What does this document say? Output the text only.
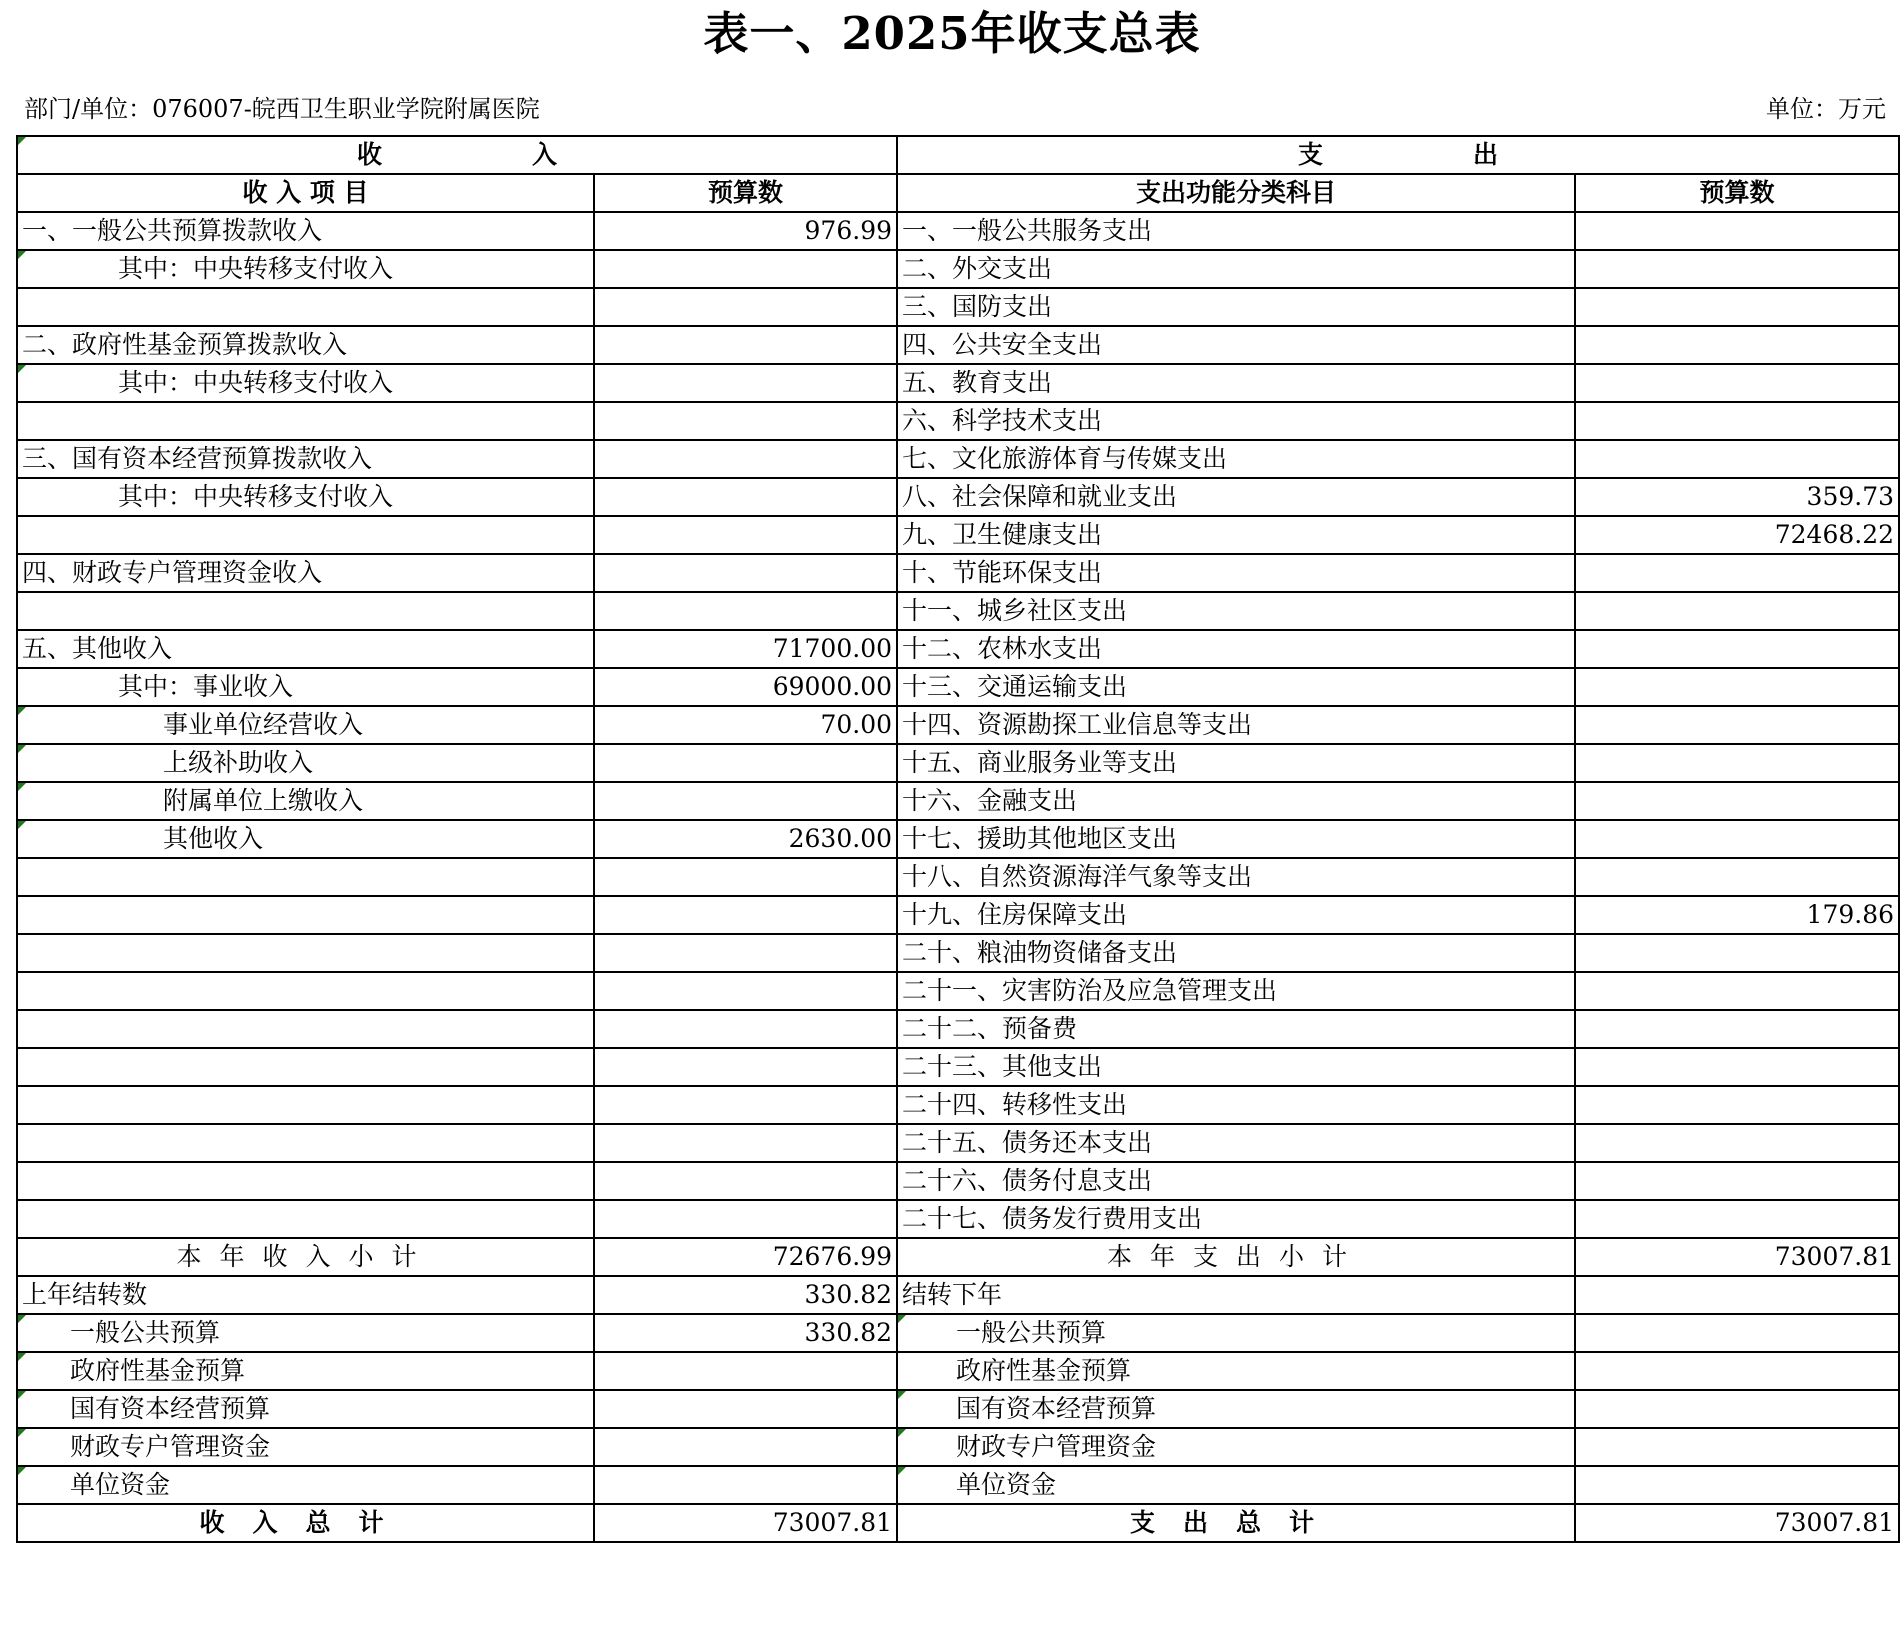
表一、2025年收支总表
部门/单位：076007-皖西卫生职业学院附属医院	单位：万元
收　　　　　　入		支　　　　　　出	
收 入 项 目	预算数	支出功能分类科目	预算数
一、一般公共预算拨款收入	976.99	一、一般公共服务支出	
其中：中央转移支付收入		二、外交支出	
		三、国防支出	
二、政府性基金预算拨款收入		四、公共安全支出	
其中：中央转移支付收入		五、教育支出	
		六、科学技术支出	
三、国有资本经营预算拨款收入		七、文化旅游体育与传媒支出	
其中：中央转移支付收入		八、社会保障和就业支出	359.73
		九、卫生健康支出	72468.22
四、财政专户管理资金收入		十、节能环保支出	
		十一、城乡社区支出	
五、其他收入	71700.00	十二、农林水支出	
其中：事业收入	69000.00	十三、交通运输支出	
事业单位经营收入	70.00	十四、资源勘探工业信息等支出	
上级补助收入		十五、商业服务业等支出	
附属单位上缴收入		十六、金融支出	
其他收入	2630.00	十七、援助其他地区支出	
		十八、自然资源海洋气象等支出	
		十九、住房保障支出	179.86
		二十、粮油物资储备支出	
		二十一、灾害防治及应急管理支出	
		二十二、预备费	
		二十三、其他支出	
		二十四、转移性支出	
		二十五、债务还本支出	
		二十六、债务付息支出	
		二十七、债务发行费用支出	
本年收入小计	72676.99	本年支出小计	73007.81
上年结转数	330.82	结转下年	
一般公共预算	330.82	一般公共预算	
政府性基金预算		政府性基金预算	
国有资本经营预算		国有资本经营预算	
财政专户管理资金		财政专户管理资金	
单位资金		单位资金	
收入总计	73007.81	支出总计	73007.81
